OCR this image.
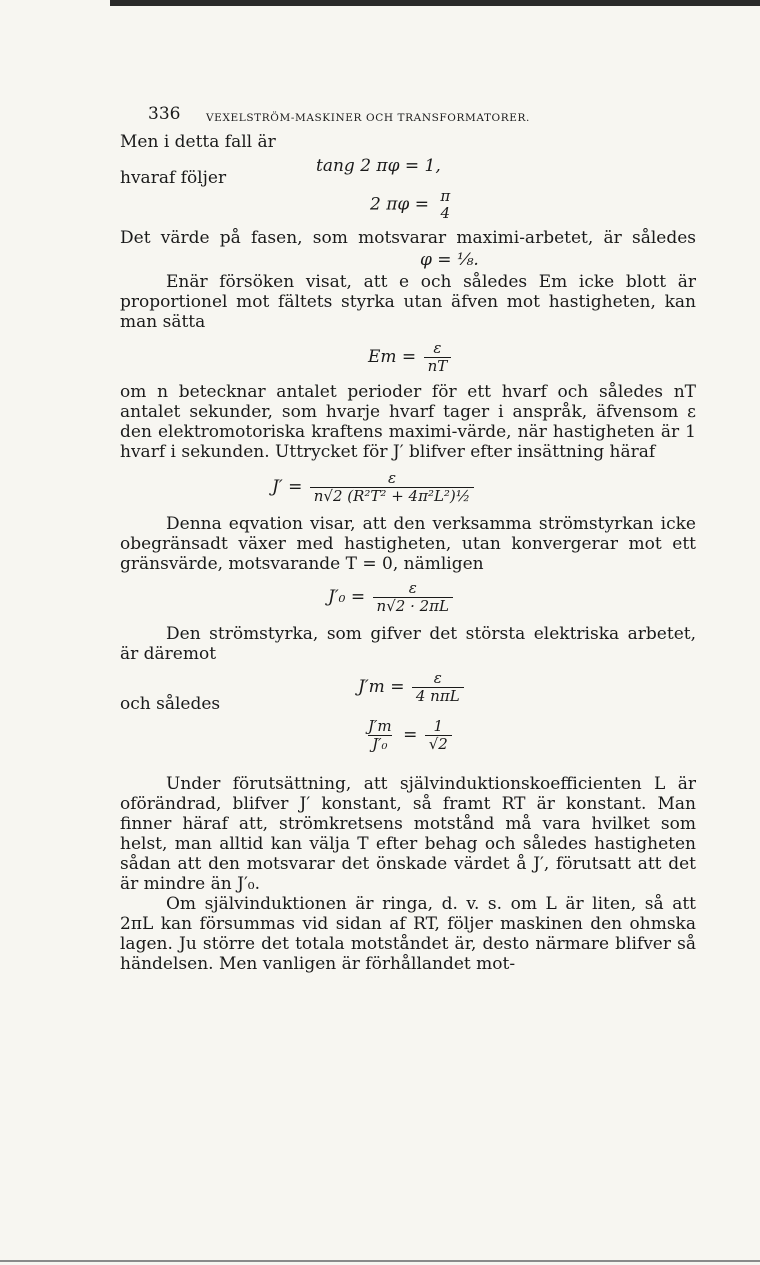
336 VEXELSTRÖM-MASKINER OCH TRANSFORMATORER.
Men i detta fall är
tang 2 πφ = 1,
hvaraf följer
2 πφ = π
4

Det värde på fasen, som motsvarar maximi-arbetet, är således

φ = ⅛.

Enär försöken visat, att e och således Em icke blott är proportionel mot fältets styrka utan äfven mot hastigheten, kan man sätta

$Em = \frac{\varepsilon}{nT}$

om n betecknar antalet perioder för ett hvarf och således nT antalet sekunder, som hvarje hvarf tager i anspråk, äfvensom ε den elektromotoriska kraftens maximi-värde, när hastigheten är 1 hvarf i sekunden. Uttrycket för J′ blifver efter insättning häraf

$J' = \frac{\varepsilon}{\text{n√2 (R²T² + 4π²L²)½}}$

Denna eqvation visar, att den verksamma strömstyrkan icke obegränsadt växer med hastigheten, utan konvergerar mot ett gränsvärde, motsvarande T = 0, nämligen

$J'_0 = \frac{\varepsilon}{n√2 \cdot 2\pi L}$

Den strömstyrka, som gifver det största elektriska arbetet, är däremot

$J'm = \frac{\varepsilon}{\text{4 nπL}}$
och således
$\frac{J'm}{\text{J′₀}} = \frac{1}{√2}$

Under förutsättning, att självinduktionskoefficienten L är oförändrad, blifver J′ konstant, så framt RT är konstant. Man finner häraf att, strömkretsens motstånd må vara hvilket som helst, man alltid kan välja T efter behag och således hastigheten sådan att den motsvarar det önskade värdet å J′, förutsatt att det är mindre än J′₀.

Om självinduktionen är ringa, d. v. s. om L är liten, så att 2πL kan försummas vid sidan af RT, följer maskinen den ohmska lagen. Ju större det totala motståndet är, desto närmare blifver så händelsen. Men vanligen är förhållandet mot-
